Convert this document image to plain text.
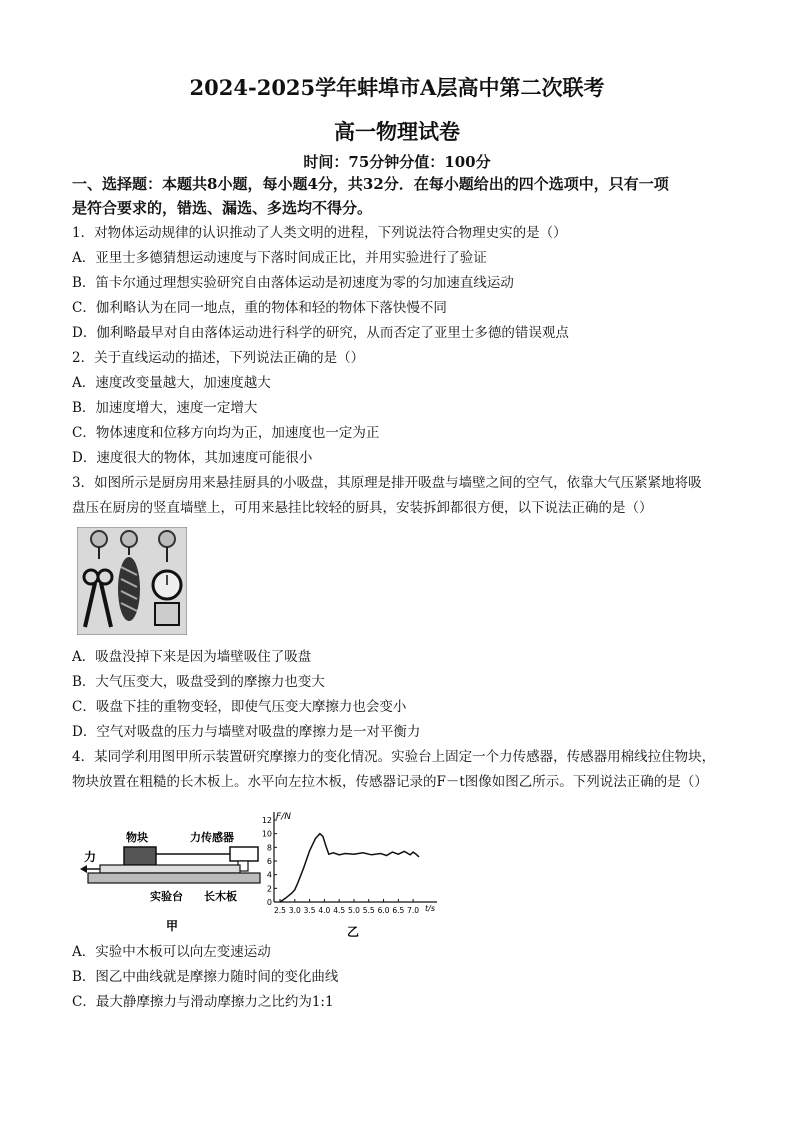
2024-2025学年蚌埠市A层高中第二次联考
高一物理试卷
时间：75分钟分值：100分
一、选择题：本题共8小题，每小题4分，共32分．在每小题给出的四个选项中，只有一项
是符合要求的，错选、漏选、多选均不得分。
1．对物体运动规律的认识推动了人类文明的进程，下列说法符合物理史实的是（）
A．亚里士多德猜想运动速度与下落时间成正比，并用实验进行了验证
B．笛卡尔通过理想实验研究自由落体运动是初速度为零的匀加速直线运动
C．伽利略认为在同一地点，重的物体和轻的物体下落快慢不同
D．伽利略最早对自由落体运动进行科学的研究，从而否定了亚里士多德的错误观点
2．关于直线运动的描述，下列说法正确的是（）
A．速度改变量越大，加速度越大
B．加速度增大，速度一定增大
C．物体速度和位移方向均为正，加速度也一定为正
D．速度很大的物体，其加速度可能很小
3．如图所示是厨房用来悬挂厨具的小吸盘，其原理是排开吸盘与墙壁之间的空气，依靠大气压紧紧地将吸
盘压在厨房的竖直墙壁上，可用来悬挂比较轻的厨具，安装拆卸都很方便，以下说法正确的是（）
A．吸盘没掉下来是因为墙壁吸住了吸盘
B．大气压变大，吸盘受到的摩擦力也变大
C．吸盘下挂的重物变轻，即使气压变大摩擦力也会变小
D．空气对吸盘的压力与墙壁对吸盘的摩擦力是一对平衡力
4．某同学利用图甲所示装置研究摩擦力的变化情况。实验台上固定一个力传感器，传感器用棉线拉住物块，
物块放置在粗糙的长木板上。水平向左拉木板，传感器记录的F－t图像如图乙所示。下列说法正确的是（）
物块	力传感器
力
实验台 长木板
甲
0
2
4
6
8
10
12
2.5 3.0 3.5 4.0 4.5 5.0 5.5 6.0 6.5 7.0
F/N
t/s
乙
A．实验中木板可以向左变速运动
B．图乙中曲线就是摩擦力随时间的变化曲线
C．最大静摩擦力与滑动摩擦力之比约为1:1
